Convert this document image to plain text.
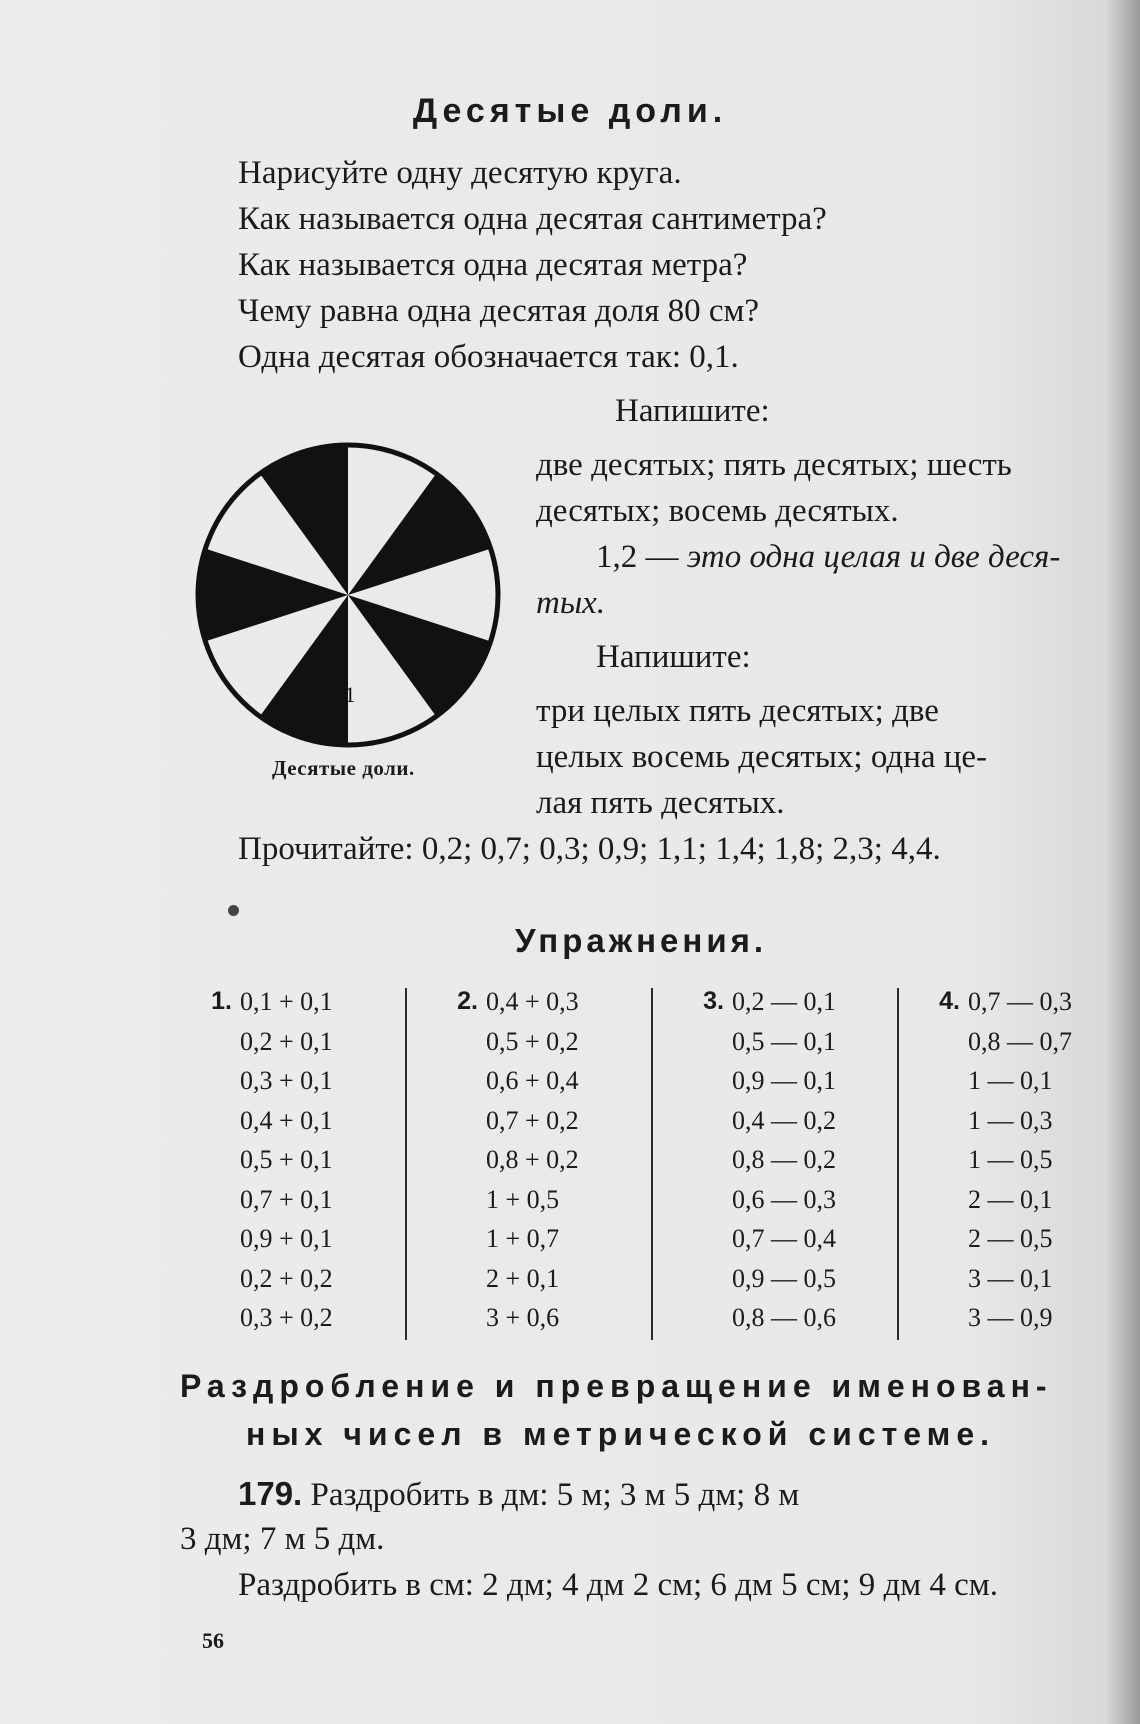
Десятые доли.
Нарисуйте одну десятую круга.
Как называется одна десятая сантиметра?
Как называется одна десятая метра?
Чему равна одна десятая доля 80 см?
Одна десятая обозначается так: 0,1.
0,1
Десятые доли.
Напишите:
две десятых; пять десятых; шесть
десятых; восемь десятых.
1,2 — это одна целая и две деся-
тых.
Напишите:
три целых пять десятых; две
целых восемь десятых; одна це-
лая пять десятых.
Прочитайте: 0,2; 0,7; 0,3; 0,9; 1,1; 1,4; 1,8; 2,3; 4,4.
Упражнения.
1. 0,1 + 0,1
0,2 + 0,1
0,3 + 0,1
0,4 + 0,1
0,5 + 0,1
0,7 + 0,1
0,9 + 0,1
0,2 + 0,2
0,3 + 0,2
2. 0,4 + 0,3
0,5 + 0,2
0,6 + 0,4
0,7 + 0,2
0,8 + 0,2
1 + 0,5
1 + 0,7
2 + 0,1
3 + 0,6
3. 0,2 — 0,1
0,5 — 0,1
0,9 — 0,1
0,4 — 0,2
0,8 — 0,2
0,6 — 0,3
0,7 — 0,4
0,9 — 0,5
0,8 — 0,6
4. 0,7 — 0,3
0,8 — 0,7
1 — 0,1
1 — 0,3
1 — 0,5
2 — 0,1
2 — 0,5
3 — 0,1
3 — 0,9
Раздробление и превращение именован-
ных чисел в метрической системе.
179. Раздробить в дм: 5 м; 3 м 5 дм; 8 м
3 дм; 7 м 5 дм.
Раздробить в см: 2 дм; 4 дм 2 см; 6 дм 5 см; 9 дм 4 см.
56
